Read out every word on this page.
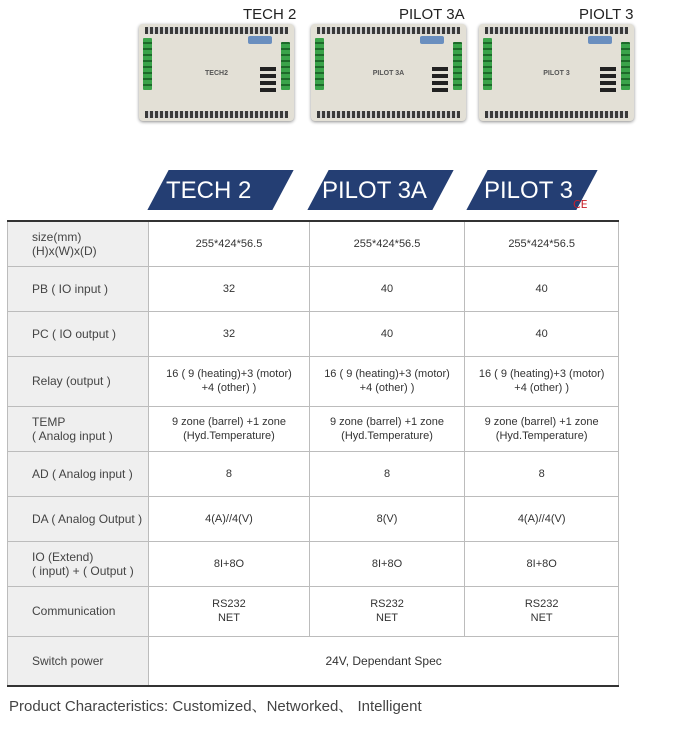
TECH 2
TECH2
PILOT 3A
PILOT 3A
PIOLT 3
PILOT 3
TECH 2	PILOT 3A PILOT 3
CE
size(mm)
(H)x(W)x(D)	255*424*56.5	255*424*56.5	255*424*56.5

PB ( IO input )	32	40	40

PC ( IO output )	32	40	40

Relay (output )	16 ( 9 (heating)+3 (motor)
+4 (other) )	16 ( 9 (heating)+3 (motor)
+4 (other) )	16 ( 9 (heating)+3 (motor)
+4 (other) )

TEMP
( Analog input )	9 zone (barrel) +1 zone
(Hyd.Temperature)	9 zone (barrel) +1 zone
(Hyd.Temperature)	9 zone (barrel) +1 zone
(Hyd.Temperature)

AD ( Analog input )	8	8	8

DA ( Analog Output )	4(A)//4(V)	8(V)	4(A)//4(V)

IO (Extend)
( input) + ( Output )	8I+8O	8I+8O	8I+8O

Communication	RS232
NET	RS232
NET	RS232
NET

Switch power	24V, Dependant Spec		
Product Characteristics: Customized、Networked、 Intelligent
